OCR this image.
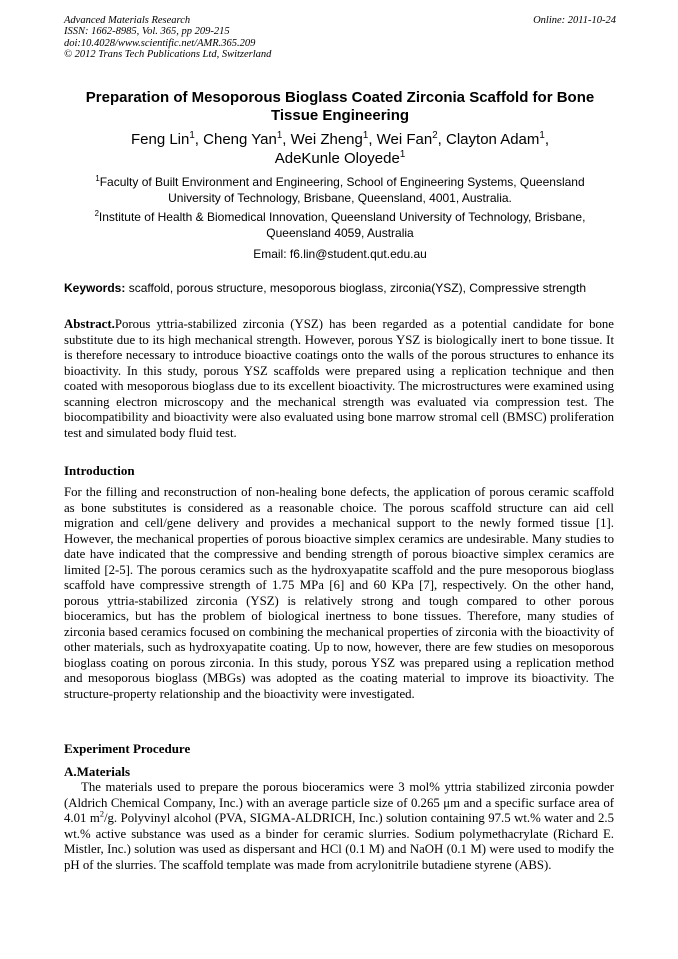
Advanced Materials Research
ISSN: 1662-8985, Vol. 365, pp 209-215
doi:10.4028/www.scientific.net/AMR.365.209
© 2012 Trans Tech Publications Ltd, Switzerland
Online: 2011-10-24
Preparation of Mesoporous Bioglass Coated Zirconia Scaffold for Bone
Tissue Engineering
Feng Lin$^1$, Cheng Yan$^1$, Wei Zheng$^1$, Wei Fan$^2$, Clayton Adam$^1$,
AdeKunle Oloyede$^1$
$^1$Faculty of Built Environment and Engineering, School of Engineering Systems, Queensland
University of Technology, Brisbane, Queensland, 4001, Australia.
$^2$Institute of Health & Biomedical Innovation, Queensland University of Technology, Brisbane,
Queensland 4059, Australia
Email: f6.lin@student.qut.edu.au
Keywords: scaffold, porous structure, mesoporous bioglass, zirconia(YSZ), Compressive strength
Abstract.Porous yttria-stabilized zirconia (YSZ) has been regarded as a potential candidate for bone substitute due to its high mechanical strength. However, porous YSZ is biologically inert to bone tissue. It is therefore necessary to introduce bioactive coatings onto the walls of the porous structures to enhance its bioactivity. In this study, porous YSZ scaffolds were prepared using a replication technique and then coated with mesoporous bioglass due to its excellent bioactivity. The microstructures were examined using scanning electron microscopy and the mechanical strength was evaluated via compression test. The biocompatibility and bioactivity were also evaluated using bone marrow stromal cell (BMSC) proliferation test and simulated body fluid test.
Introduction
For the filling and reconstruction of non-healing bone defects, the application of porous ceramic scaffold as bone substitutes is considered as a reasonable choice. The porous scaffold structure can aid cell migration and cell/gene delivery and provides a mechanical support to the newly formed tissue [1]. However, the mechanical properties of porous bioactive simplex ceramics are undesirable. Many studies to date have indicated that the compressive and bending strength of porous bioactive simplex ceramics are limited [2-5]. The porous ceramics such as the hydroxyapatite scaffold and the pure mesoporous bioglass scaffold have compressive strength of 1.75 MPa [6] and 60 KPa [7], respectively. On the other hand, porous yttria-stabilized zirconia (YSZ) is relatively strong and tough compared to other porous bioceramics, but has the problem of biological inertness to bone tissues. Therefore, many studies of zirconia based ceramics focused on combining the mechanical properties of zirconia with the bioactivity of other materials, such as hydroxyapatite coating. Up to now, however, there are few studies on mesoporous bioglass coating on porous zirconia. In this study, porous YSZ was prepared using a replication method and mesoporous bioglass (MBGs) was adopted as the coating material to improve its bioactivity. The structure-property relationship and the bioactivity were investigated.
Experiment Procedure
A.Materials
The materials used to prepare the porous bioceramics were 3 mol% yttria stabilized zirconia powder (Aldrich Chemical Company, Inc.) with an average particle size of 0.265 μm and a specific surface area of 4.01 $m^2/g$. Polyvinyl alcohol (PVA, SIGMA-ALDRICH, Inc.) solution containing 97.5 wt.% water and 2.5 wt.% active substance was used as a binder for ceramic slurries. Sodium polymethacrylate (Richard E. Mistler, Inc.) solution was used as dispersant and HCl (0.1 M) and NaOH (0.1 M) were used to modify the pH of the slurries. The scaffold template was made from acrylonitrile butadiene styrene (ABS).
